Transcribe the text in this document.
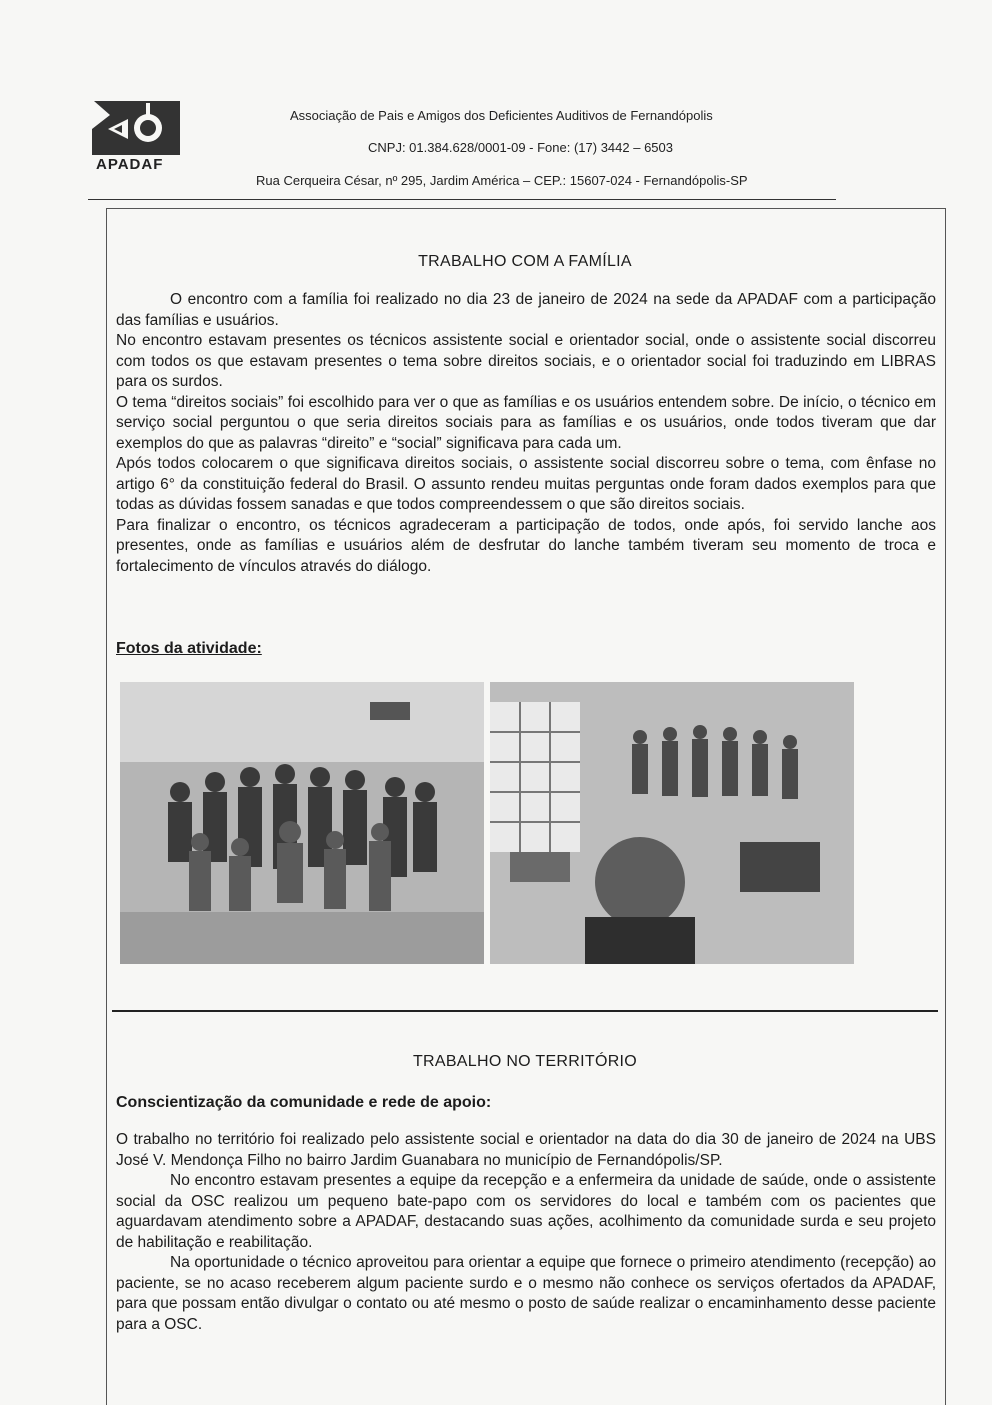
APADAF
Associação de Pais e Amigos dos Deficientes Auditivos de Fernandópolis
CNPJ: 01.384.628/0001-09 - Fone: (17) 3442 – 6503
Rua Cerqueira César, nº 295, Jardim América – CEP.: 15607-024 - Fernandópolis-SP
TRABALHO COM A FAMÍLIA

O encontro com a família foi realizado no dia 23 de janeiro de 2024 na sede da APADAF com a participação das famílias e usuários.

No encontro estavam presentes os técnicos assistente social e orientador social, onde o assistente social discorreu com todos os que estavam presentes o tema sobre direitos sociais, e o orientador social foi traduzindo em LIBRAS para os surdos.

O tema “direitos sociais” foi escolhido para ver o que as famílias e os usuários entendem sobre. De início, o técnico em serviço social perguntou o que seria direitos sociais para as famílias e os usuários, onde todos tiveram que dar exemplos do que as palavras “direito” e “social” significava para cada um.

Após todos colocarem o que significava direitos sociais, o assistente social discorreu sobre o tema, com ênfase no artigo 6° da constituição federal do Brasil. O assunto rendeu muitas perguntas onde foram dados exemplos para que todas as dúvidas fossem sanadas e que todos compreendessem o que são direitos sociais.

Para finalizar o encontro, os técnicos agradeceram a participação de todos, onde após, foi servido lanche aos presentes, onde as famílias e usuários além de desfrutar do lanche também tiveram seu momento de troca e fortalecimento de vínculos através do diálogo.

Fotos da atividade:
TRABALHO NO TERRITÓRIO
Conscientização da comunidade e rede de apoio:

O trabalho no território foi realizado pelo assistente social e orientador na data do dia 30 de janeiro de 2024 na UBS José V. Mendonça Filho no bairro Jardim Guanabara no município de Fernandópolis/SP.

No encontro estavam presentes a equipe da recepção e a enfermeira da unidade de saúde, onde o assistente social da OSC realizou um pequeno bate-papo com os servidores do local e também com os pacientes que aguardavam atendimento sobre a APADAF, destacando suas ações, acolhimento da comunidade surda e seu projeto de habilitação e reabilitação.

Na oportunidade o técnico aproveitou para orientar a equipe que fornece o primeiro atendimento (recepção) ao paciente, se no acaso receberem algum paciente surdo e o mesmo não conhece os serviços ofertados da APADAF, para que possam então divulgar o contato ou até mesmo o posto de saúde realizar o encaminhamento desse paciente para a OSC.
